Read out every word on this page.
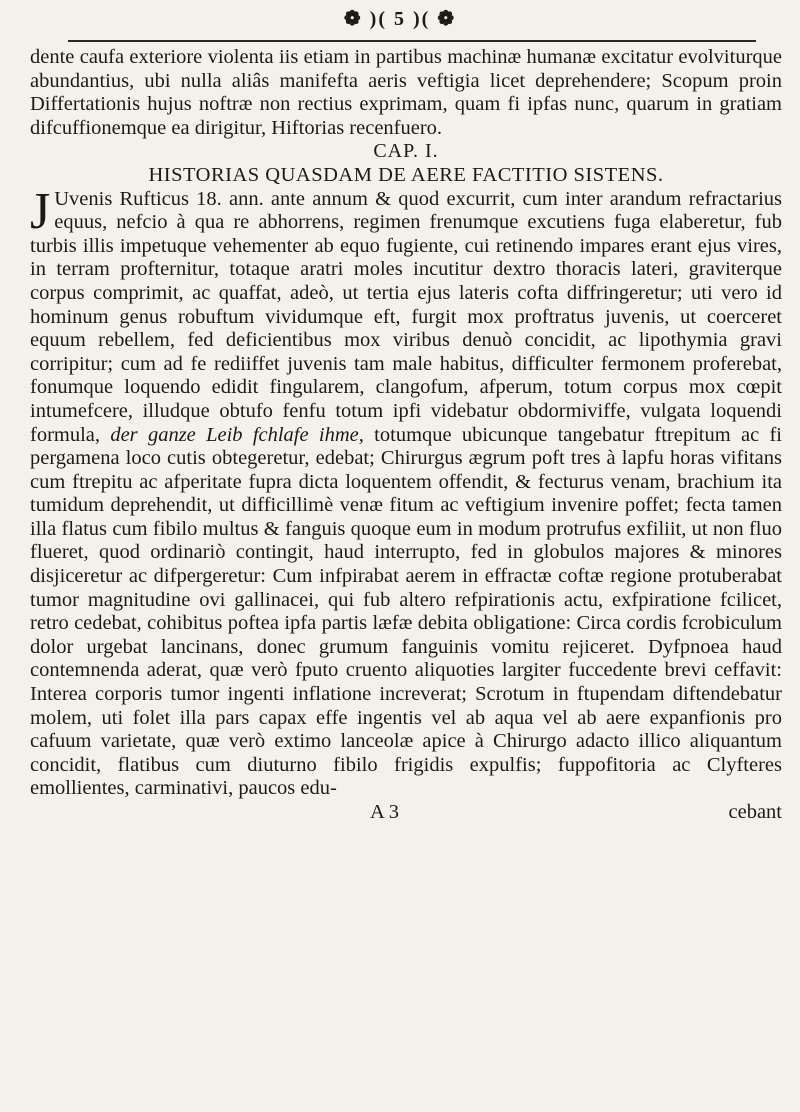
❁ )( 5 )( ❁

dente caufa exteriore violenta iis etiam in partibus machinæ humanæ excitatur evolviturque abundantius, ubi nulla aliâs manifefta aeris veftigia licet deprehendere; Scopum proin Differtationis hujus noftræ non rectius exprimam, quam fi ipfas nunc, quarum in gratiam difcuffionemque ea dirigitur, Hiftorias recenfuero.

CAP. I.

HISTORIAS QUASDAM DE AERE FACTITIO SISTENS.

J Uvenis Rufticus 18. ann. ante annum & quod excurrit, cum inter arandum refractarius equus, nefcio à qua re abhorrens, regimen frenumque excutiens fuga elaberetur, fub turbis illis impetuque vehementer ab equo fugiente, cui retinendo impares erant ejus vires, in terram profternitur, totaque aratri moles incutitur dextro thoracis lateri, graviterque corpus comprimit, ac quaffat, adeò, ut tertia ejus lateris cofta diffringeretur; uti vero id hominum genus robuftum vividumque eft, furgit mox proftratus juvenis, ut coerceret equum rebellem, fed deficientibus mox viribus denuò concidit, ac lipothymia gravi corripitur; cum ad fe rediiffet juvenis tam male habitus, difficulter fermonem proferebat, fonumque loquendo edidit fingularem, clangofum, afperum, totum corpus mox cœpit intumefcere, illudque obtufo fenfu totum ipfi videbatur obdormiviffe, vulgata loquendi formula, der ganze Leib fchlafe ihme, totumque ubicunque tangebatur ftrepitum ac fi pergamena loco cutis obtegeretur, edebat; Chirurgus ægrum poft tres à lapfu horas vifitans cum ftrepitu ac afperitate fupra dicta loquentem offendit, & fecturus venam, brachium ita tumidum deprehendit, ut difficillimè venæ fitum ac veftigium invenire poffet; fecta tamen illa flatus cum fibilo multus & fanguis quoque eum in modum protrufus exfiliit, ut non fluo flueret, quod ordinariò contingit, haud interrupto, fed in globulos majores & minores disjiceretur ac difpergeretur: Cum infpirabat aerem in effractæ coftæ regione protuberabat tumor magnitudine ovi gallinacei, qui fub altero refpirationis actu, exfpiratione fcilicet, retro cedebat, cohibitus poftea ipfa partis læfæ debita obligatione: Circa cordis fcrobiculum dolor urgebat lancinans, donec grumum fanguinis vomitu rejiceret. Dyfpnoea haud contemnenda aderat, quæ verò fputo cruento aliquoties largiter fuccedente brevi ceffavit: Interea corporis tumor ingenti inflatione increverat; Scrotum in ftupendam diftendebatur molem, uti folet illa pars capax effe ingentis vel ab aqua vel ab aere expanfionis pro cafuum varietate, quæ verò extimo lanceolæ apice à Chirurgo adacto illico aliquantum concidit, flatibus cum diuturno fibilo frigidis expulfis; fuppofitoria ac Clyfteres emollientes, carminativi, paucos edu-

A 3	cebant
